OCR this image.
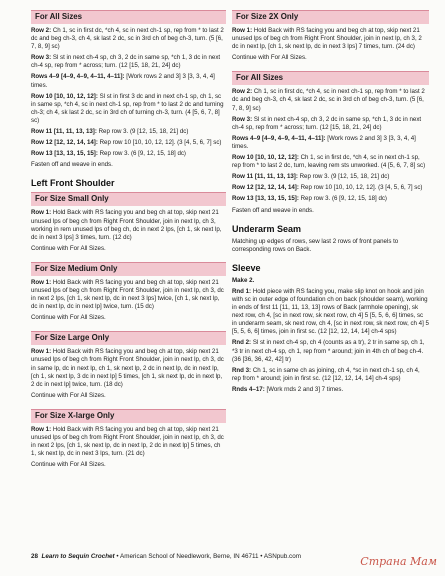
For All Sizes
Row 2: Ch 1, sc in first dc, *ch 4, sc in next ch-1 sp, rep from * to last 2 dc and beg ch-3, ch 4, sk last 2 dc, sc in 3rd ch of beg ch-3, turn. (5 [6, 7, 8, 9] sc)
Row 3: Sl st in next ch-4 sp, ch 3, 2 dc in same sp, *ch 1, 3 dc in next ch-4 sp, rep from * across; turn. (12 [15, 18, 21, 24] dc)
Rows 4–9 [4–9, 4–9, 4–11, 4–11]: [Work rows 2 and 3] 3 [3, 3, 4, 4] times.
Row 10 [10, 10, 12, 12]: Sl st in first 3 dc and in next ch-1 sp, ch 1, sc in same sp, *ch 4, sc in next ch-1 sp, rep from * to last 2 dc and turning ch-3; ch 4, sk last 2 dc, sc in 3rd ch of turning ch-3, turn. (4 [5, 6, 7, 8] sc)
Row 11 [11, 11, 13, 13]: Rep row 3. (9 [12, 15, 18, 21] dc)
Row 12 [12, 12, 14, 14]: Rep row 10 [10, 10, 12, 12]. (3 [4, 5, 6, 7] sc)
Row 13 [13, 13, 15, 15]: Rep row 3. (6 [9, 12, 15, 18] dc)
Fasten off and weave in ends.
Left Front Shoulder
For Size Small Only
Row 1: Hold Back with RS facing you and beg ch at top, skip next 21 unused lps of beg ch from Right Front Shoulder, join in next lp, ch 3, working in rem unused lps of beg ch, dc in next 2 lps, [ch 1, sk next lp, dc in next 3 lps] 3 times, turn. (12 dc)
Continue with For All Sizes.
For Size Medium Only
Row 1: Hold Back with RS facing you and beg ch at top, skip next 21 unused lps of beg ch from Right Front Shoulder, join in next lp, ch 3, dc in next 2 lps, [ch 1, sk next lp, dc in next 3 lps] twice, [ch 1, sk next lp, dc in next lp, dc in next lp] twice, turn. (15 dc)
Continue with For All Sizes.
For Size Large Only
Row 1: Hold Back with RS facing you and beg ch at top, skip next 21 unused lps of beg ch from Right Front Shoulder, join in next lp, ch 3, dc in same lp, dc in next lp, ch 1, sk next lp, 2 dc in next lp, dc in next lp, [ch 1, sk next lp, 3 dc in next lp] 5 times, [ch 1, sk next lp, dc in next lp, 2 dc in next lp] twice, turn. (18 dc)
Continue with For All Sizes.
For Size X-large Only
Row 1: Hold Back with RS facing you and beg ch at top, skip next 21 unused lps of beg ch from Right Front Shoulder, join in next lp, ch 3, dc in next 2 lps, [ch 1, sk next lp, dc in next lp, 2 dc in next lp] 5 times, ch 1, sk next lp, dc in next 3 lps, turn. (21 dc)
Continue with For All Sizes.
For Size 2X Only
Row 1: Hold Back with RS facing you and beg ch at top, skip next 21 unused lps of beg ch from Right Front Shoulder, join in next lp, ch 3, 2 dc in next lp, [ch 1, sk next lp, dc in next 3 lps] 7 times, turn. (24 dc)
Continue with For All Sizes.
For All Sizes
Row 2: Ch 1, sc in first dc, *ch 4, sc in next ch-1 sp, rep from * to last 2 dc and beg ch-3, ch 4, sk last 2 dc, sc in 3rd ch of beg ch-3, turn. (5 [6, 7, 8, 9] sc)
Row 3: Sl st in next ch-4 sp, ch 3, 2 dc in same sp, *ch 1, 3 dc in next ch-4 sp, rep from * across; turn. (12 [15, 18, 21, 24] dc)
Rows 4–9 [4–9, 4–9, 4–11, 4–11]: [Work rows 2 and 3] 3 [3, 3, 4, 4] times.
Row 10 [10, 10, 12, 12]: Ch 1, sc in first dc, *ch 4, sc in next ch-1 sp, rep from * to last 2 dc, turn, leaving rem sts unworked. (4 [5, 6, 7, 8] sc)
Row 11 [11, 11, 13, 13]: Rep row 3. (9 [12, 15, 18, 21] dc)
Row 12 [12, 12, 14, 14]: Rep row 10 [10, 10, 12, 12]. (3 [4, 5, 6, 7] sc)
Row 13 [13, 13, 15, 15]: Rep row 3. (6 [9, 12, 15, 18] dc)
Fasten off and weave in ends.
Underarm Seam
Matching up edges of rows, sew last 2 rows of front panels to corresponding rows on Back.
Sleeve
Make 2.
Rnd 1: Hold piece with RS facing you, make slip knot on hook and join with sc in outer edge of foundation ch on back (shoulder seam), working in ends of first 11 [11, 11, 13, 13] rows of Back (armhole opening), sk next row, ch 4, [sc in next row, sk next row, ch 4] 5 [5, 5, 6, 6] times, sc in underarm seam, sk next row, ch 4, [sc in next row, sk next row, ch 4] 5 [5, 5, 6, 6] times, join in first sc. (12 [12, 12, 14, 14] ch-4 sps)
Rnd 2: Sl st in next ch-4 sp, ch 4 (counts as a tr), 2 tr in same sp, ch 1, *3 tr in next ch-4 sp, ch 1, rep from * around; join in 4th ch of beg ch-4. (36 [36, 36, 42, 42] tr)
Rnd 3: Ch 1, sc in same ch as joining, ch 4, *sc in next ch-1 sp, ch 4, rep from * around; join in first sc. (12 [12, 12, 14, 14] ch-4 sps)
Rnds 4–17: [Work rnds 2 and 3] 7 times.
28 Learn to Sequin Crochet • American School of Needlework, Berne, IN 46711 • ASNpub.com	Страна Мам
